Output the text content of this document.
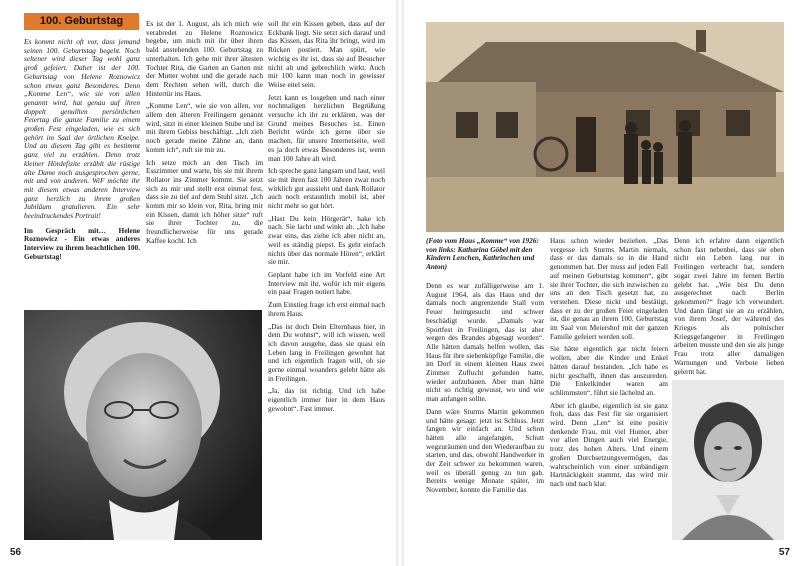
100. Geburtstag

Es kommt nicht oft vor, dass jemand seinen 100. Geburtstag begeht. Noch seltener wird dieser Tag wohl ganz groß gefeiert. Daher ist der 100. Geburtstag von Helene Roznowicz schon etwas ganz Besonderes. Denn „Komme Len“, wie sie von allen genannt wird, hat genau auf ihren doppelt genullten persönlichen Feiertag die ganze Familie zu einem großen Fest eingeladen, wie es sich gehört im Saal der örtlichen Kneipe. Und an diesem Tag gibt es bestimmt ganz viel zu erzählen. Denn trotz kleiner Hördefizite erzählt die rüstige alte Dame noch ausgesprochen gerne, mit und von anderen. WiF möchte ihr mit diesem etwas anderen Interview ganz herzlich zu ihrem großen Jubiläum gratulieren. Ein sehr beeindruckendes Portrait!

Im Gespräch mit… Helene Roznowicz - Ein etwas anderes Interview zu ihrem beachtlichen 100. Geburtstag!

Es ist der 1. August, als ich mich wie verabredet zu Helene Roznowicz begebe, um mich mit ihr über ihren bald anstehenden 100. Geburtstag zu unterhalten. Ich gehe mit ihrer ältesten Tochter Rita, die Garten an Garten mit der Mutter wohnt und die gerade nach dem Rechten sehen will, durch die Hintertür ins Haus.

„Komme Len“, wie sie von allen, vor allem den älteren Freilingern genannt wird, sitzt in einer kleinen Stube und ist mit ihrem Gebiss beschäftigt. „Ich zieh noch gerade meine Zähne an, dann komm ich“, ruft sie mir zu.

Ich setze mich an den Tisch im Esszimmer und warte, bis sie mit ihrem Rollator ins Zimmer kommt. Sie setzt sich zu mir und stellt erst einmal fest, dass sie zu tief auf dem Stuhl sitzt. „Ich komm mir so klein vor, Rita, bring mir ein Kissen, damit ich höher sitze“ ruft sie ihrer Tochter zu, die freundlicherweise für uns gerade Kaffee kocht. Ich

soll ihr ein Kissen geben, dass auf der Eckbank liegt. Sie setzt sich darauf und das Kissen, das Rita ihr bringt, wird im Rücken postiert. Man spürt, wie wichtig es ihr ist, dass sie auf Besucher nicht alt und gebrechlich wirkt. Auch mit 100 kann man noch in gewisser Weise eitel sein.

Jetzt kann es losgehen und nach einer nochmaligen herzlichen Begrüßung versuche ich ihr zu erklären, was der Grund meines Besuches ist. Einen Bericht würde ich gerne über sie machen, für unsere Internetseite, weil es ja doch etwas Besonderes ist, wenn man 100 Jahre alt wird.

Ich spreche ganz langsam und laut, weil sie mit ihren fast 100 Jahren zwar noch wirklich gut aussieht und dank Rollator auch noch erstaunlich mobil ist, aber nicht mehr so gut hört.

„Hast Du kein Hörgerät“, hake ich nach. Sie lacht und winkt ab. „Ich habe zwar eins, das ziehe ich aber nicht an, weil es ständig piepst. Es geht einfach nichts über das normale Hören“, erklärt sie mir.

Geplant habe ich im Vorfeld eine Art Interview mit ihr, wofür ich mir eigens ein paar Fragen notiert habe.

Zum Einstieg frage ich erst einmal nach ihrem Haus.

„Das ist doch Dein Elternhaus hier, in dem Du wohnst“, will ich wissen, weil ich davon ausgehe, dass sie quasi ein Leben lang in Freilingen gewohnt hat und ich eigentlich fragen will, ob sie gerne einmal woanders gelebt hätte als in Freilingen.

„Ja, das ist richtig. Und ich habe eigentlich immer hier in dem Haus gewohnt“. Fast immer.

56
(Foto vom Haus „Komme“ von 1926: von links: Katharina Göbel mit den Kindern Lenchen, Kathrinchen und Anton)

Denn es war zufälligerweise am 1. August 1964, als das Haus und der damals noch angrenzende Stall vom Feuer heimgesucht und schwer beschädigt wurde. „Damals war Sportfest in Freilingen, das ist aber wegen des Brandes abgesagt worden“. Alle hätten damals helfen wollen, das Haus für ihre siebenköpfige Familie, die im Dorf in einem kleinen Haus zwei Zimmer Zuflucht gefunden hatte, wieder aufzubauen. Aber man hätte nicht so richtig gewusst, wo und wie man anfangen sollte.

Dann wäre Sturms Martin gekommen und hätte gesagt: jetzt ist Schluss. Jetzt fangen wir einfach an. Und schon hätten alle angefangen, Schutt wegzuräumen und den Wiederaufbau zu starten, und das, obwohl Handwerker in der Zeit schwer zu bekommen waren, weil es überall genug zu tun gab. Bereits wenige Monate später, im November, konnte die Familie das

Haus schon wieder beziehen. „Das vergesse ich Sturms Martin niemals, dass er das damals so in die Hand genommen hat. Der muss auf jeden Fall auf meinen Geburtstag kommen“, gibt sie ihrer Tochter, die sich inzwischen zu uns an den Tisch gesetzt hat, zu verstehen. Diese nickt und bestätigt, dass er zu der großen Feier eingeladen ist, die genau an ihrem 100. Geburtstag im Saal von Meiershof mit der ganzen Familie gefeiert werden soll.

Sie hätte eigentlich gar nicht feiern wollen, aber die Kinder und Enkel hätten darauf bestanden. „Ich habe es nicht geschafft, ihnen das auszureden. Die Enkelkinder waren am schlimmsten“, führt sie lächelnd an.

Aber ich glaube, eigentlich ist sie ganz froh, dass das Fest für sie organisiert wird. Denn „Len“ ist eine positiv denkende Frau, mit viel Humor, aber vor allen Dingen auch viel Energie, trotz des hohen Alters. Und einem großen Durchsetzungsvermögen, das wahrscheinlich von einer unbändigen Hartnäckigkeit stammt, das wird mir nach und nach klar.

Denn ich erfahre dann eigentlich schon fast nebenbei, dass sie eben nicht ein Leben lang nur in Freilingen verbracht hat, sondern sogar zwei Jahre im fernen Berlin gelebt hat. „Wie bist Du denn ausgerechnet nach Berlin gekommen?“ frage ich verwundert. Und dann fängt sie an zu erzählen, von ihrem Josef, der während des Krieges als polnischer Kriegsgefangener in Freilingen arbeiten musste und den sie als junge Frau trotz aller damaligen Warnungen und Verbote lieben gelernt hat.

57
